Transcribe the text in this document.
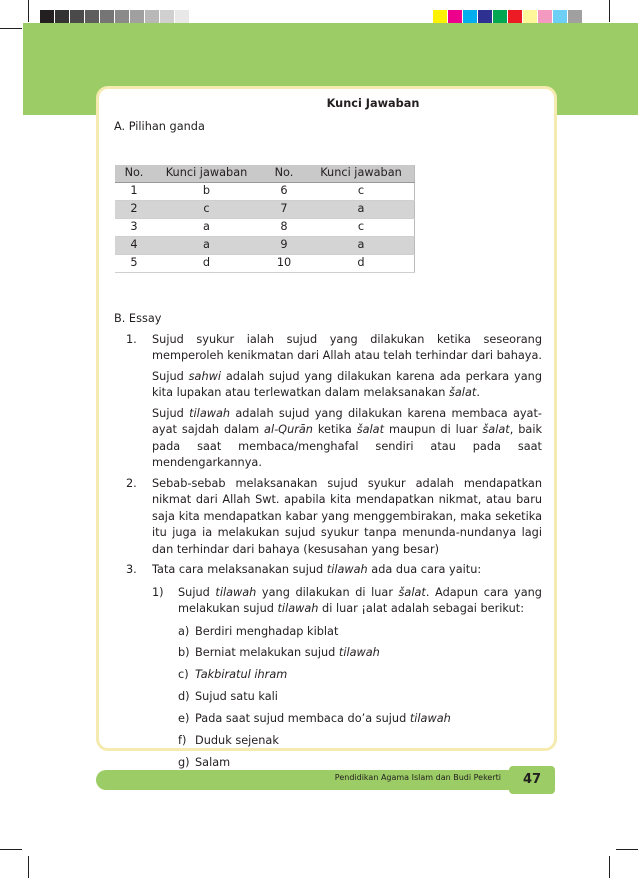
Kunci Jawaban
A. Pilihan ganda
No.	Kunci jawaban	No.	Kunci jawaban
1	b	6	c
2	c	7	a
3	a	8	c
4	a	9	a
5	d	10	d
B. Essay
1.	Sujud syukur ialah sujud yang dilakukan ketika seseorang memperoleh kenikmatan dari Allah atau telah terhindar dari bahaya.

Sujud sahwi adalah sujud yang dilakukan karena ada perkara yang kita lupakan atau terlewatkan dalam melaksanakan šalat.

Sujud tilawah adalah sujud yang dilakukan karena membaca ayat-ayat sajdah dalam al-Qurān ketika šalat maupun di luar šalat, baik pada saat membaca/menghafal sendiri atau pada saat mendengarkannya.

2.	Sebab-sebab melaksanakan sujud syukur adalah mendapatkan nikmat dari Allah Swt. apabila kita mendapatkan nikmat, atau baru saja kita mendapatkan kabar yang menggembirakan, maka seketika itu juga ia melakukan sujud syukur tanpa menunda-nundanya lagi dan terhindar dari bahaya (kesusahan yang besar)
3.	Tata cara melaksanakan sujud tilawah ada dua cara yaitu:
1)	Sujud tilawah yang dilakukan di luar šalat. Adapun cara yang melakukan sujud tilawah di luar ¡alat adalah sebagai berikut:
a) Berdiri menghadap kiblat
b) Berniat melakukan sujud tilawah
c) Takbiratul ihram
d) Sujud satu kali
e) Pada saat sujud membaca do’a sujud tilawah
f) Duduk sejenak
g) Salam
Pendidikan Agama Islam dan Budi Pekerti	47
